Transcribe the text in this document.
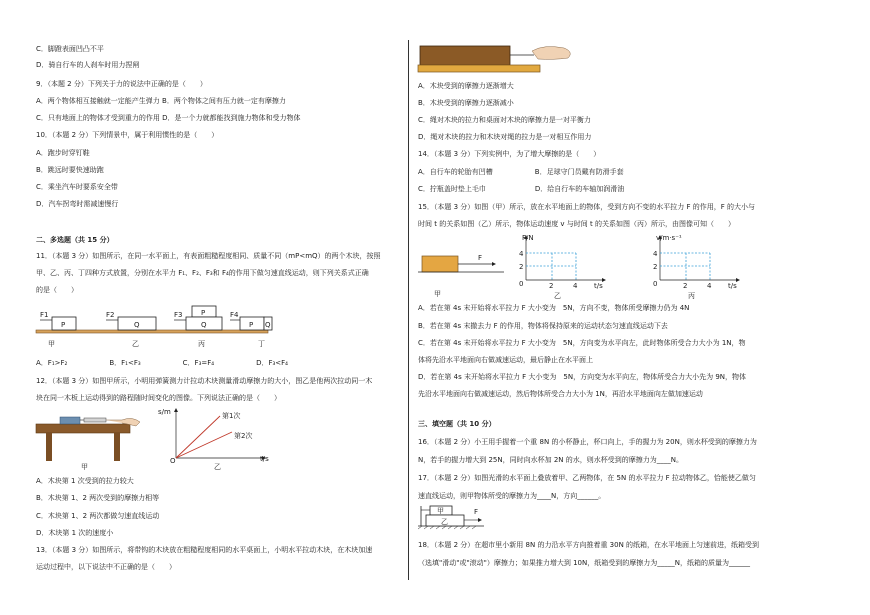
C．脚蹬表面凹凸不平
D．骑自行车的人刹车时用力捏闸
9．（本题 2 分）下列关于力的说法中正确的是（　　）
A．两个物体相互接触就一定能产生弹力 B．两个物体之间有压力就一定有摩擦力
C．只有地面上的物体才受到重力的作用 D．是一个力就都能找到施力物体和受力物体
10．（本题 2 分）下列情景中，属于利用惯性的是（　　）
A．跑步时穿钉鞋
B．跳远时要快速助跑
C．乘坐汽车时要系安全带
D．汽车拐弯时需减速慢行
二、多选题（共 15 分）
11．（本题 3 分）如图所示，在同一水平面上，有表面粗糙程度相同、质量不同（mP<mQ）的两个木块，按照
甲、乙、丙、丁四种方式放置，分别在水平力 F₁、F₂、F₃和 F₄的作用下做匀速直线运动，则下列关系式正确
的是（　　）
F1
P
F2
Q
F3	P
Q
F4
P Q
甲	乙	丙	丁
A．F₁>F₂　　　　　　B．F₁<F₃　　　　　　C．F₃=F₄　　　　　　D．F₃<F₄
12．（本题 3 分）如图甲所示，小明用弹簧测力计拉动木块测量滑动摩擦力的大小，图乙是他两次拉动同一木
块在同一木板上运动得到的路程随时间变化的图像。下列说法正确的是（　　）
甲
s/m
t/s
O
第1次
第2次
乙
A．木块第 1 次受到的拉力较大
B．木块第 1、2 两次受到的摩擦力相等
C．木块第 1、2 两次都做匀速直线运动
D．木块第 1 次的速度小
13．（本题 3 分）如图所示，将带钩的木块放在粗糙程度相同的水平桌面上，小明水平拉动木块，在木块加速
运动过程中，以下说法中不正确的是（　　）
A．木块受到的摩擦力逐渐增大
B．木块受到的摩擦力逐渐减小
C．绳对木块的拉力和桌面对木块的摩擦力是一对平衡力
D．绳对木块的拉力和木块对绳的拉力是一对相互作用力
14．（本题 3 分）下列实例中，为了增大摩擦的是（　　）
A．自行车的轮胎有凹槽　　　　　　B．足球守门员戴有防滑手套
C．拧瓶盖时垫上毛巾　　　　　　　D．给自行车的车轴加润滑油
15．（本题 3 分）如图（甲）所示，放在水平地面上的物体，受到方向不变的水平拉力 F 的作用，F 的大小与
时间 t 的关系如图（乙）所示，物体运动速度 v 与时间 t 的关系如图（丙）所示，由图像可知（　　）
F
甲
F/N
4
2
0	2	4 t/s
乙
v/m·s⁻¹
4
2
0	2	4 t/s
丙
A．若在第 4s 末开始将水平拉力 F 大小变为　5N，方向不变，物体所受摩擦力仍为 4N
B．若在第 4s 末撤去力 F 的作用，物体将保持原来的运动状态匀速直线运动下去
C．若在第 4s 末开始将水平拉力 F 大小变为　5N，方向变为水平向左，此时物体所受合力大小为 1N，物
体将先沿水平地面向右做减速运动，最后静止在水平面上
D．若在第 4s 末开始将水平拉力 F 大小变为　5N，方向变为水平向左，物体所受合力大小先为 9N，物体
先沿水平地面向右做减速运动，然后物体所受合力大小为 1N，再沿水平地面向左做加速运动
三、填空题（共 10 分）
16．（本题 2 分）小王用手握着一个重 8N 的小杯静止，杯口向上，手的握力为 20N，则水杯受到的摩擦力为
N，若手的握力增大到 25N，同时向水杯加 2N 的水，则水杯受到的摩擦力为____N。
17．（本题 2 分）如图光滑的水平面上叠放着甲、乙两物体，在 5N 的水平拉力 F 拉动物体乙，恰能使乙做匀
速直线运动，则甲物体所受的摩擦力为____N，方向______。
甲
乙
F
18．（本题 2 分）在超市里小新用 8N 的力沿水平方向推着重 30N 的纸箱，在水平地面上匀速前进，纸箱受到
（选填"滑动"或"滚动"）摩擦力；如果推力增大到 10N，纸箱受到的摩擦力为_____N，纸箱的质量为______
